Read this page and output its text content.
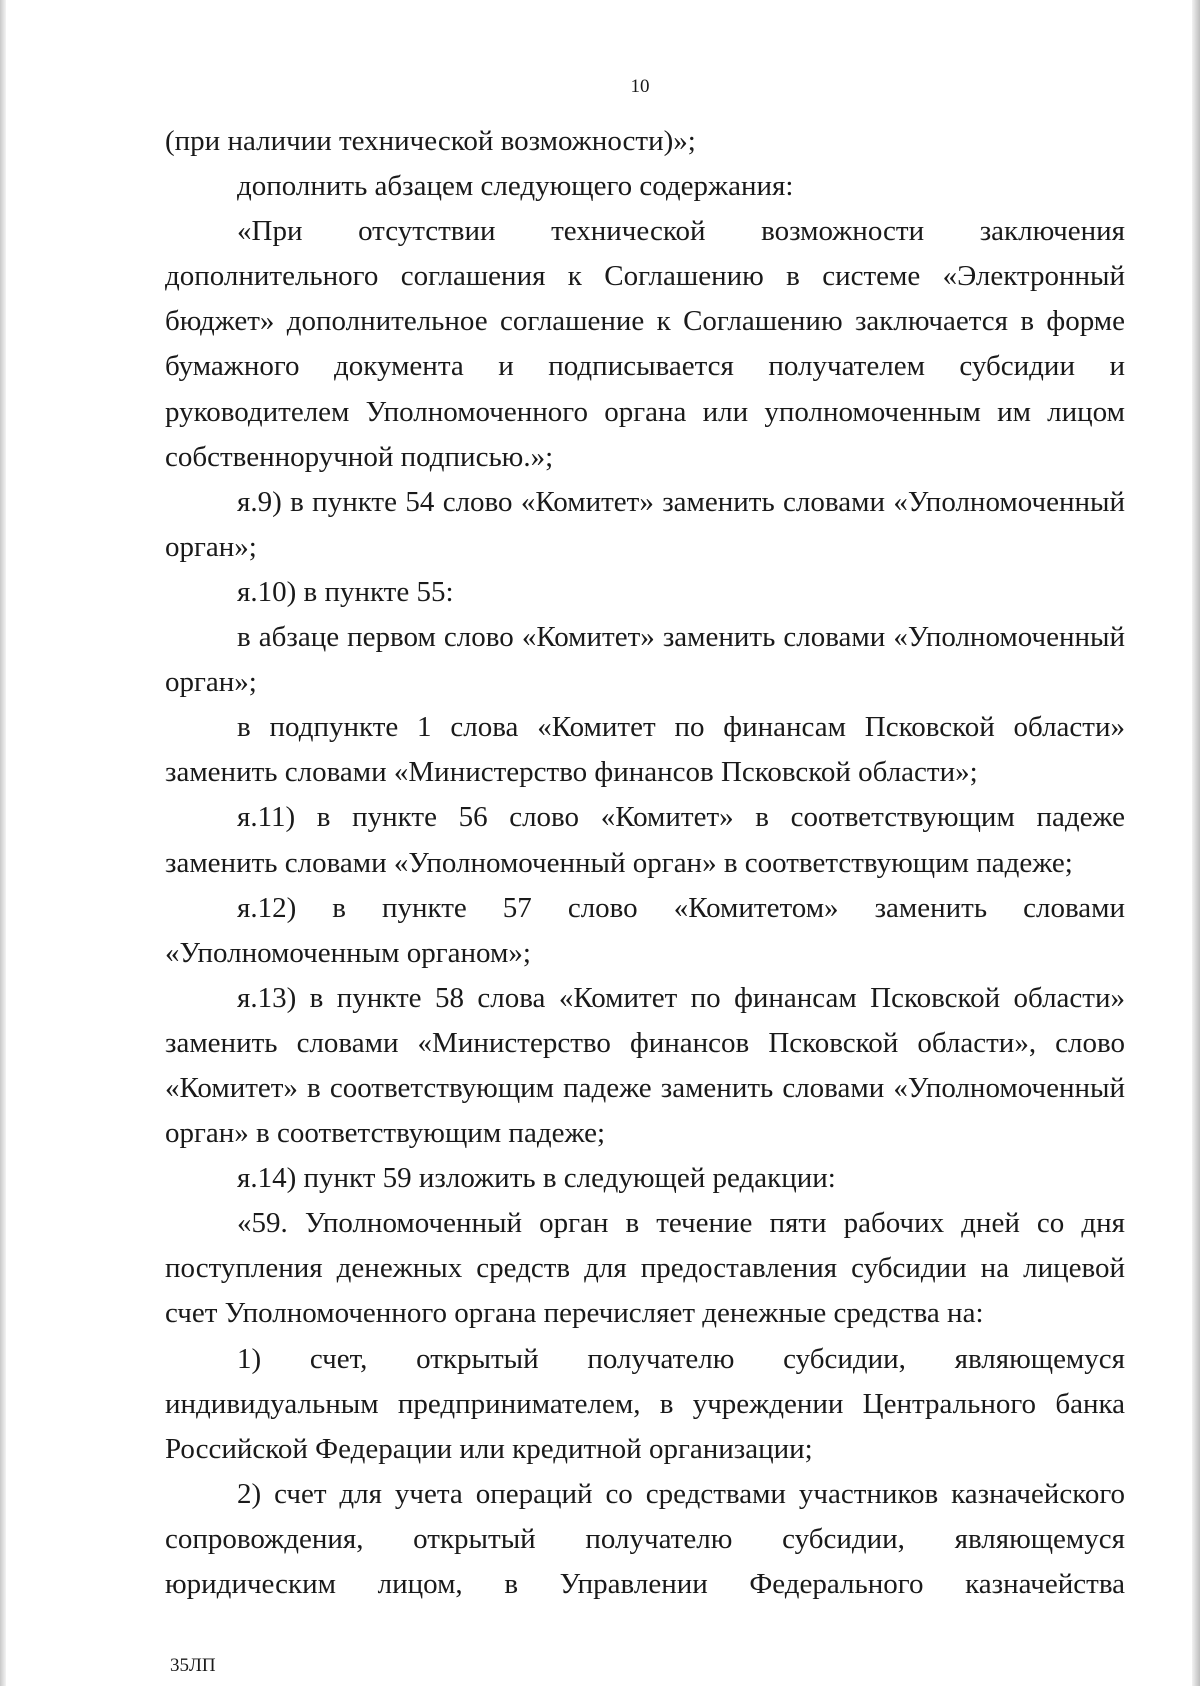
10

(при наличии технической возможности)»;

дополнить абзацем следующего содержания:

«При отсутствии технической возможности заключения дополнительного соглашения к Соглашению в системе «Электронный бюджет» дополнительное соглашение к Соглашению заключается в форме бумажного документа и подписывается получателем субсидии и руководителем Уполномоченного органа или уполномоченным им лицом собственноручной подписью.»;

я.9) в пункте 54 слово «Комитет» заменить словами «Уполномоченный орган»;

я.10) в пункте 55:

в абзаце первом слово «Комитет» заменить словами «Уполномоченный орган»;

в подпункте 1 слова «Комитет по финансам Псковской области» заменить словами «Министерство финансов Псковской области»;

я.11) в пункте 56 слово «Комитет» в соответствующим падеже заменить словами «Уполномоченный орган» в соответствующим падеже;

я.12) в пункте 57 слово «Комитетом» заменить словами «Уполномоченным органом»;

я.13) в пункте 58 слова «Комитет по финансам Псковской области» заменить словами «Министерство финансов Псковской области», слово «Комитет» в соответствующим падеже заменить словами «Уполномоченный орган» в соответствующим падеже;

я.14) пункт 59 изложить в следующей редакции:

«59. Уполномоченный орган в течение пяти рабочих дней со дня поступления денежных средств для предоставления субсидии на лицевой счет Уполномоченного органа перечисляет денежные средства на:

1) счет, открытый получателю субсидии, являющемуся индивидуальным предпринимателем, в учреждении Центрального банка Российской Федерации или кредитной организации;

2) счет для учета операций со средствами участников казначейского сопровождения, открытый получателю субсидии, являющемуся юридическим лицом, в Управлении Федерального казначейства

35ЛП
